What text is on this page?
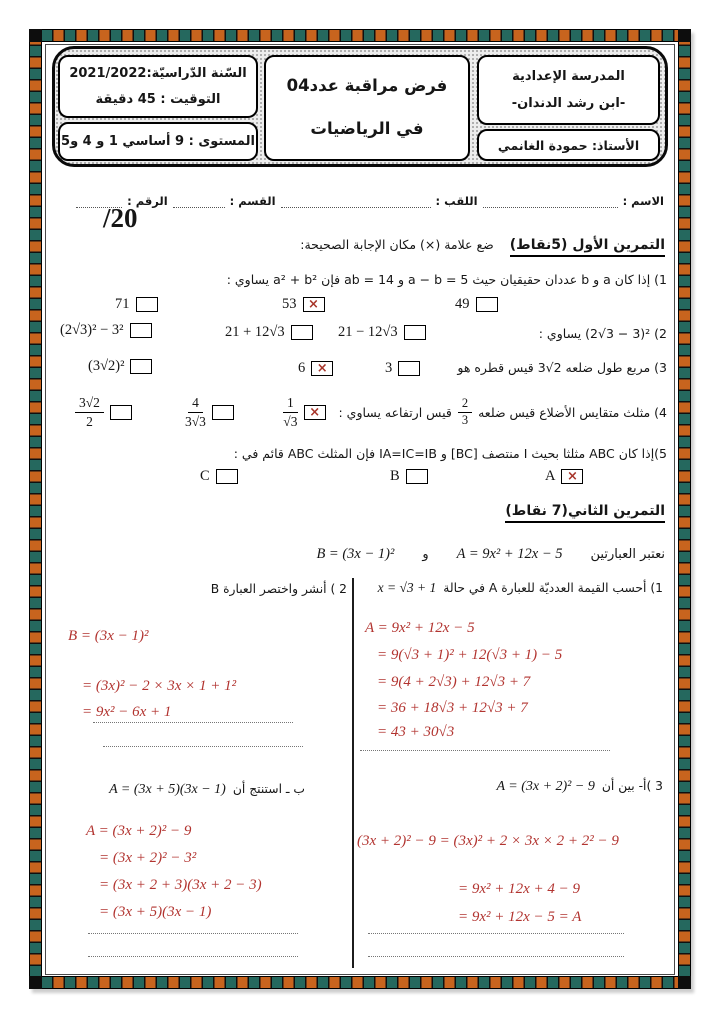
المدرسة الإعدادية
-ابن رشد الدندان-
الأستاذ: حمودة الغانمي
فرض مراقبة عدد04
في الرياضيات
السّنة الدّراسيّة:2021/2022
التوقيت : 45 دقيقة
المستوى : 9 أساسي 1 و 4 و5
الاسم :
اللقب :
القسم :
الرقم :
/20
التمرين الأول (5نقاط)
ضع علامة (×) مكان الإجابة الصحيحة:
1) إذا كان ⁦a⁩ و ⁦b⁩ عددان حقيقيان حيث ⁦a − b = 5⁩ و ⁦ab = 14⁩ فإن ⁦a² + b²⁩ يساوي :
49
53 ×
71
2) ⁦(2√3 − 3)²⁩ يساوي :
21 − 12√3
21 + 12√3
(2√3)² − 3²
3) مربع طول ضلعه ⁦3√2⁩ قيس قطره هو
3
6 ×
(3√2)²
4) مثلث متقايس الأضلاع قيس ضلعه
$\frac{2}{3}$
قيس ارتفاعه يساوي :
$\frac{1}{√3}$ ×
$\frac{4}{3√3}$
$\frac{3√2}{2}$
5)إذا كان ⁦ABC⁩ مثلثا بحيث ⁦I⁩ منتصف ⁦[BC]⁩ و ⁦IA=IC=IB⁩ فإن المثلث ⁦ABC⁩ قائم في :
A ×
B
C
التمرين الثاني(7 نقاط)
نعتبر العبارتين
A = 9x² + 12x − 5
و
B = (3x − 1)²
1) أحسب القيمة العدديّة للعبارة A في حالة
x = √3 + 1
2 ) أنشر واختصر العبارة B
A = 9x² + 12x − 5
= 9(√3 + 1)² + 12(√3 + 1) − 5
= 9(4 + 2√3) + 12√3 + 7
= 36 + 18√3 + 12√3 + 7
= 43 + 30√3
B = (3x − 1)²
= (3x)² − 2 × 3x × 1 + 1²
= 9x² − 6x + 1
3 )أ- بين أن
A = (3x + 2)² − 9
(3x + 2)² − 9 = (3x)² + 2 × 3x × 2 + 2² − 9
= 9x² + 12x + 4 − 9
= 9x² + 12x − 5 = A
ب ـ استنتج أن
A = (3x + 5)(3x − 1)
A = (3x + 2)² − 9
= (3x + 2)² − 3²
= (3x + 2 + 3)(3x + 2 − 3)
= (3x + 5)(3x − 1)
